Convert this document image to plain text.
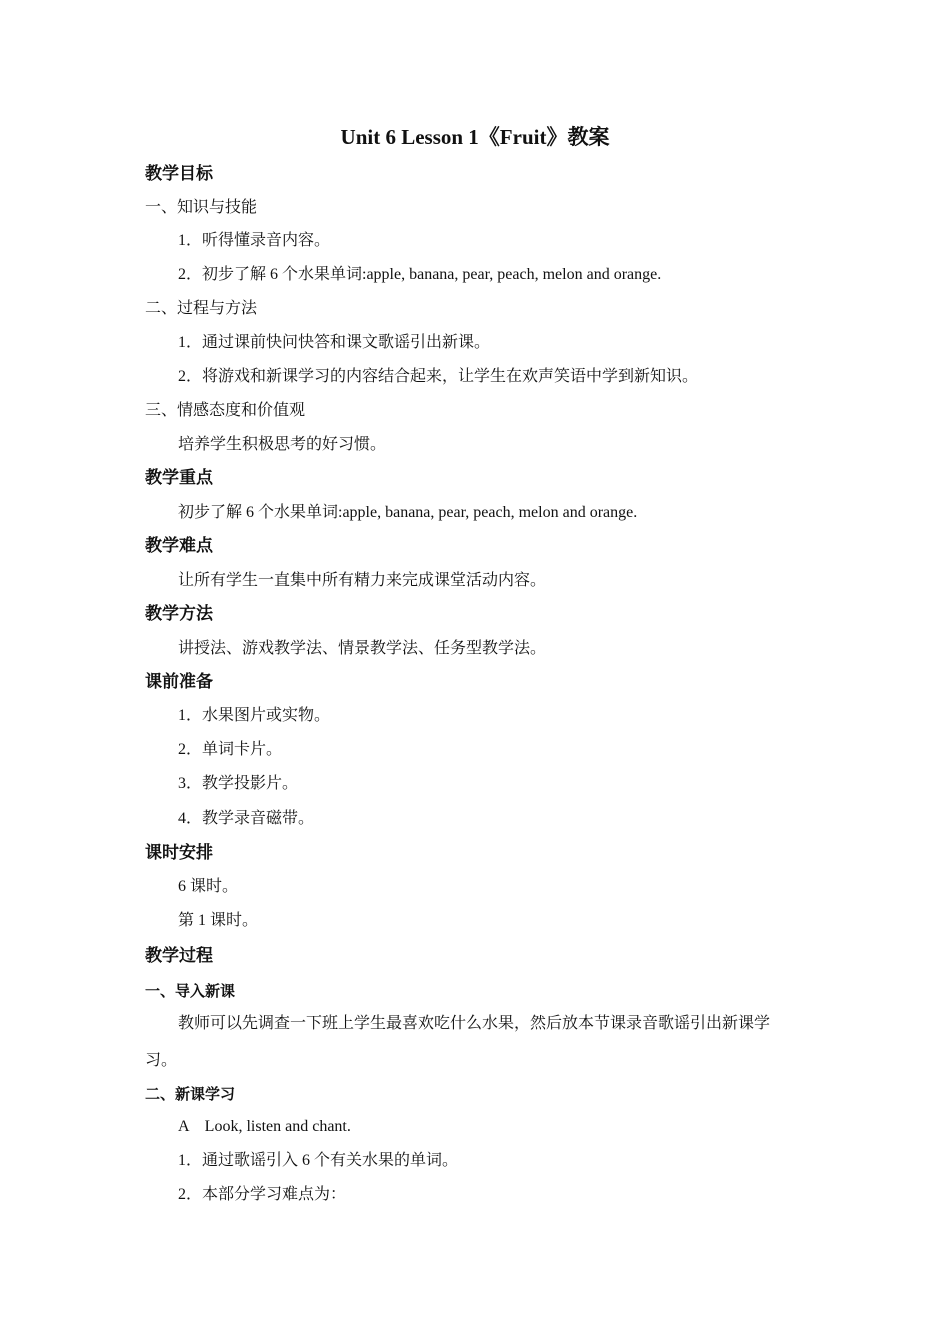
Unit 6 Lesson 1《Fruit》教案
教学目标
一、知识与技能
1．听得懂录音内容。
2．初步了解 6 个水果单词:apple, banana, pear, peach, melon and orange.
二、过程与方法
1．通过课前快问快答和课文歌谣引出新课。
2．将游戏和新课学习的内容结合起来，让学生在欢声笑语中学到新知识。
三、情感态度和价值观
培养学生积极思考的好习惯。
教学重点
初步了解 6 个水果单词:apple, banana, pear, peach, melon and orange.
教学难点
让所有学生一直集中所有精力来完成课堂活动内容。
教学方法
讲授法、游戏教学法、情景教学法、任务型教学法。
课前准备
1．水果图片或实物。
2．单词卡片。
3．教学投影片。
4．教学录音磁带。
课时安排
6 课时。
第 1 课时。
教学过程
一、导入新课
教师可以先调查一下班上学生最喜欢吃什么水果，然后放本节课录音歌谣引出新课学
习。
二、新课学习
A　Look, listen and chant.
1．通过歌谣引入 6 个有关水果的单词。
2．本部分学习难点为：
